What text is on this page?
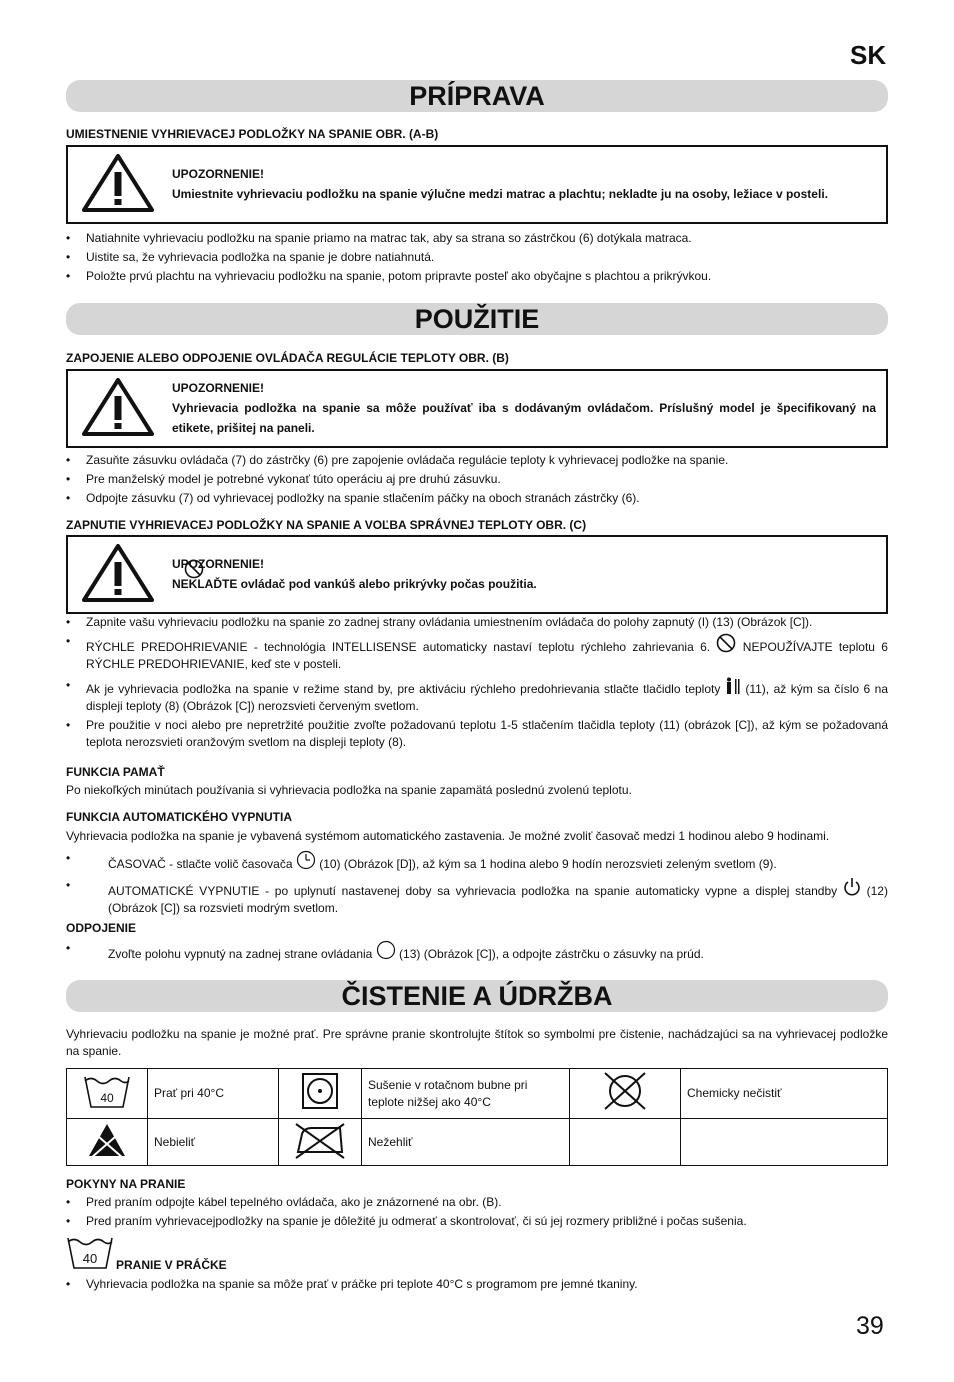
SK
PRÍPRAVA
UMIESTNENIE VYHRIEVACEJ PODLOŽKY NA SPANIE OBR. (A-B)
UPOZORNENIE!
Umiestnite vyhrievaciu podložku na spanie výlučne medzi matrac a plachtu; nekladte ju na osoby, ležiace v posteli.
• Natiahnite vyhrievaciu podložku na spanie priamo na matrac tak, aby sa strana so zástrčkou (6) dotýkala matraca.
• Uistite sa, že vyhrievacia podložka na spanie je dobre natiahnutá.
• Položte prvú plachtu na vyhrievaciu podložku na spanie, potom pripravte posteľ ako obyčajne s plachtou a prikrývkou.
POUŽITIE
ZAPOJENIE ALEBO ODPOJENIE OVLÁDAČA REGULÁCIE TEPLOTY OBR. (B)
UPOZORNENIE!
Vyhrievacia podložka na spanie sa môže používať iba s dodávaným ovládačom. Príslušný model je špecifikovaný na etikete, prišitej na paneli.
• Zasuňte zásuvku ovládača (7) do zástrčky (6) pre zapojenie ovládača regulácie teploty k vyhrievacej podložke na spanie.
• Pre manželský model je potrebné vykonať túto operáciu aj pre druhú zásuvku.
• Odpojte zásuvku (7) od vyhrievacej podložky na spanie stlačením páčky na oboch stranách zástrčky (6).
ZAPNUTIE VYHRIEVACEJ PODLOŽKY NA SPANIE A VOĽBA SPRÁVNEJ TEPLOTY OBR. (C)
UPOZORNENIE!
NEKLAĎTE ovládač pod vankúš alebo prikrývky počas použitia.
• Zapnite vašu vyhrievaciu podložku na spanie zo zadnej strany ovládania umiestnením ovládača do polohy zapnutý (I) (13) (Obrázok [C]).
• RÝCHLE PREDOHRIEVANIE - technológia INTELLISENSE automaticky nastaví teplotu rýchleho zahrievania 6.	NEPOUŽÍVAJTE teplotu 6 RÝCHLE PREDOHRIEVANIE, keď ste v posteli.
• Ak je vyhrievacia podložka na spanie v režime stand by, pre aktiváciu rýchleho predohrievania stlačte tlačidlo teploty (11), až kým sa číslo 6 na displeji teploty (8) (Obrázok [C]) nerozsvieti červeným svetlom.
• Pre použitie v noci alebo pre nepretržité použitie zvoľte požadovanú teplotu 1-5 stlačením tlačidla teploty (11) (obrázok [C]), až kým se požadovaná teplota nerozsvieti oranžovým svetlom na displeji teploty (8).
FUNKCIA PAMAŤ
Po niekoľkých minútach používania si vyhrievacia podložka na spanie zapamätá poslednú zvolenú teplotu.
FUNKCIA AUTOMATICKÉHO VYPNUTIA
Vyhrievacia podložka na spanie je vybavená systémom automatického zastavenia. Je možné zvoliť časovač medzi 1 hodinou alebo 9 hodinami.
• ČASOVAČ - stlačte volič časovača (10) (Obrázok [D]), až kým sa 1 hodina alebo 9 hodín nerozsvieti zeleným svetlom (9).
• AUTOMATICKÉ VYPNUTIE - po uplynutí nastavenej doby sa vyhrievacia podložka na spanie automaticky vypne a displej standby (12) (Obrázok [C]) sa rozsvieti modrým svetlom.
ODPOJENIE
• Zvoľte polohu vypnutý na zadnej strane ovládania (13) (Obrázok [C]), a odpojte zástrčku o zásuvky na prúd.
ČISTENIE A ÚDRŽBA
Vyhrievaciu podložku na spanie je možné prať. Pre správne pranie skontrolujte štítok so symbolmi pre čistenie, nachádzajúci sa na vyhrievacej podložke na spanie.
40	Prať pri 40°C		Sušenie v rotačnom bubne pri teplote nižšej ako 40°C		Chemicky nečistiť
	Nebieliť		Nežehliť		
POKYNY NA PRANIE
• Pred praním odpojte kábel tepelného ovládača, ako je znázornené na obr. (B).
• Pred praním vyhrievacejpodložky na spanie je dôležité ju odmerať a skontrolovať, či sú jej rozmery približné i počas sušenia.
40 PRANIE V PRÁČKE
• Vyhrievacia podložka na spanie sa môže prať v práčke pri teplote 40°C s programom pre jemné tkaniny.
39
